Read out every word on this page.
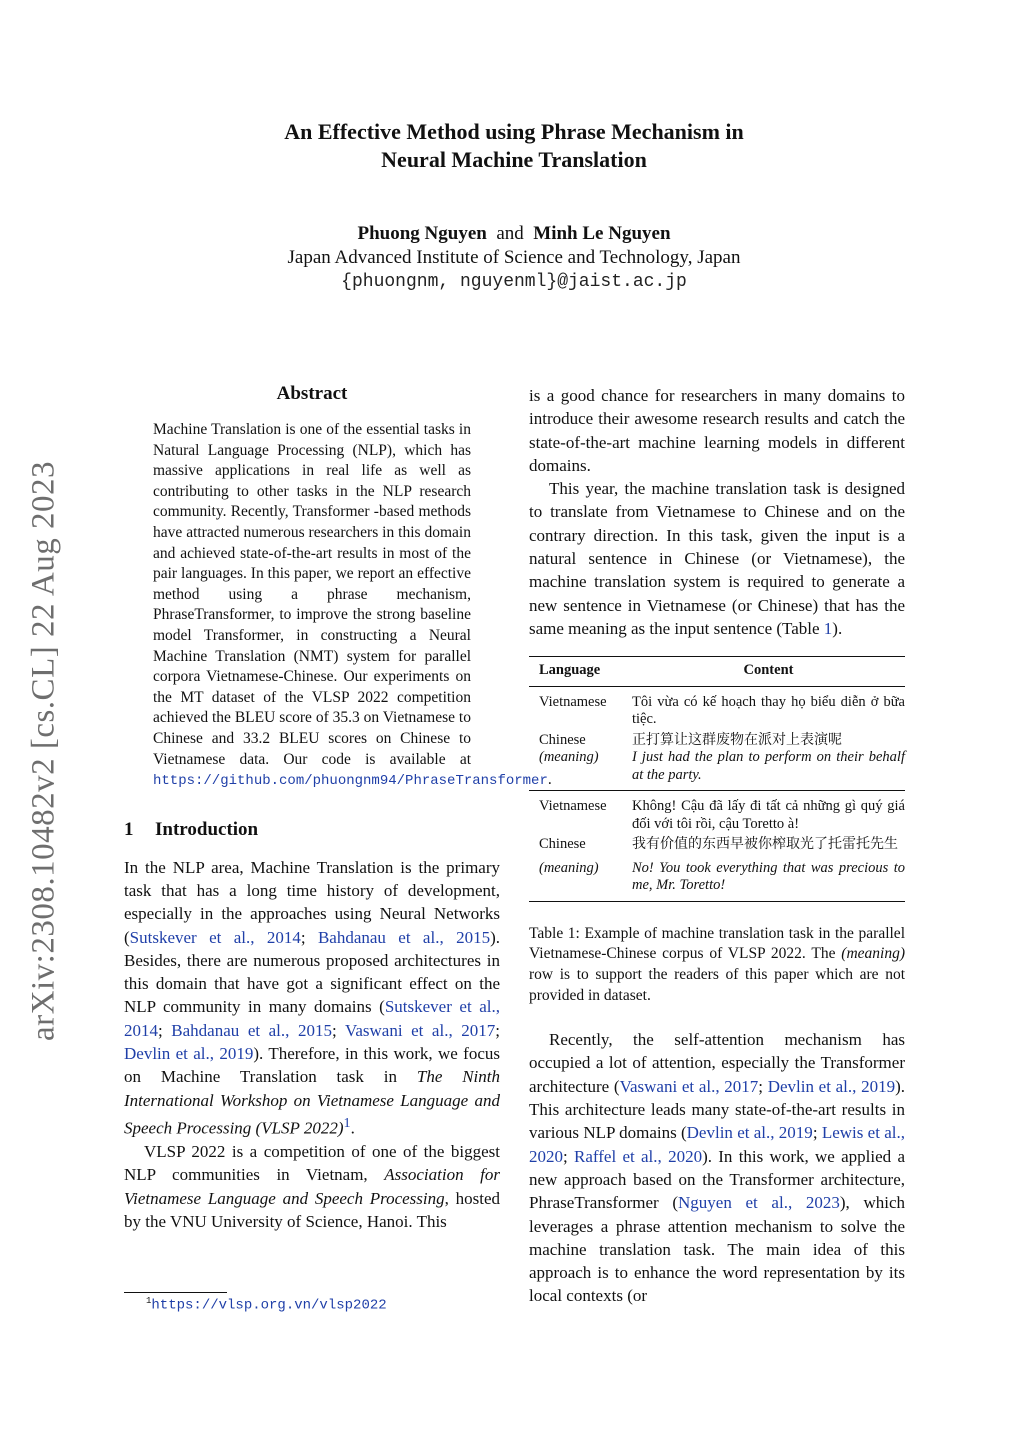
arXiv:2308.10482v2 [cs.CL] 22 Aug 2023
An Effective Method using Phrase Mechanism in
Neural Machine Translation
Phuong Nguyen and Minh Le Nguyen
Japan Advanced Institute of Science and Technology, Japan
{phuongnm, nguyenml}@jaist.ac.jp
Abstract
Machine Translation is one of the essential tasks in Natural Language Processing (NLP), which has massive applications in real life as well as contributing to other tasks in the NLP research community. Recently, Transformer -based methods have attracted numerous researchers in this domain and achieved state-of-the-art results in most of the pair languages. In this paper, we report an effective method using a phrase mechanism, PhraseTransformer, to improve the strong baseline model Transformer, in constructing a Neural Machine Translation (NMT) system for parallel corpora Vietnamese-Chinese. Our experiments on the MT dataset of the VLSP 2022 competition achieved the BLEU score of 35.3 on Vietnamese to Chinese and 33.2 BLEU scores on Chinese to Vietnamese data. Our code is available at https://github.com/phuongnm94/PhraseTransformer.
1 Introduction

In the NLP area, Machine Translation is the primary task that has a long time history of development, especially in the approaches using Neural Networks (Sutskever et al., 2014; Bahdanau et al., 2015). Besides, there are numerous proposed architectures in this domain that have got a significant effect on the NLP community in many domains (Sutskever et al., 2014; Bahdanau et al., 2015; Vaswani et al., 2017; Devlin et al., 2019). Therefore, in this work, we focus on Machine Translation task in The Ninth International Workshop on Vietnamese Language and Speech Processing (VLSP 2022)$^1$.

VLSP 2022 is a competition of one of the biggest NLP communities in Vietnam, Association for Vietnamese Language and Speech Processing, hosted by the VNU University of Science, Hanoi. This

$^1$https://vlsp.org.vn/vlsp2022

is a good chance for researchers in many domains to introduce their awesome research results and catch the state-of-the-art machine learning models in different domains.

This year, the machine translation task is designed to translate from Vietnamese to Chinese and on the contrary direction. In this task, given the input is a natural sentence in Chinese (or Vietnamese), the machine translation system is required to generate a new sentence in Vietnamese (or Chinese) that has the same meaning as the input sentence (Table 1).

Language	Content
Vietnamese	Tôi vừa có kế hoạch thay họ biểu diễn ở bữa tiệc.
Chinese	正打算让这群废物在派对上表演呢
(meaning)	I just had the plan to perform on their behalf at the party.
Vietnamese	Không! Cậu đã lấy đi tất cả những gì quý giá đối với tôi rồi, cậu Toretto à!
Chinese	我有价值的东西早被你榨取光了托雷托先生
(meaning)	No! You took everything that was precious to me, Mr. Toretto!
Table 1: Example of machine translation task in the parallel Vietnamese-Chinese corpus of VLSP 2022. The (meaning) row is to support the readers of this paper which are not provided in dataset.

Recently, the self-attention mechanism has occupied a lot of attention, especially the Transformer architecture (Vaswani et al., 2017; Devlin et al., 2019). This architecture leads many state-of-the-art results in various NLP domains (Devlin et al., 2019; Lewis et al., 2020; Raffel et al., 2020). In this work, we applied a new approach based on the Transformer architecture, PhraseTransformer (Nguyen et al., 2023), which leverages a phrase attention mechanism to solve the machine translation task. The main idea of this approach is to enhance the word representation by its local contexts (or
